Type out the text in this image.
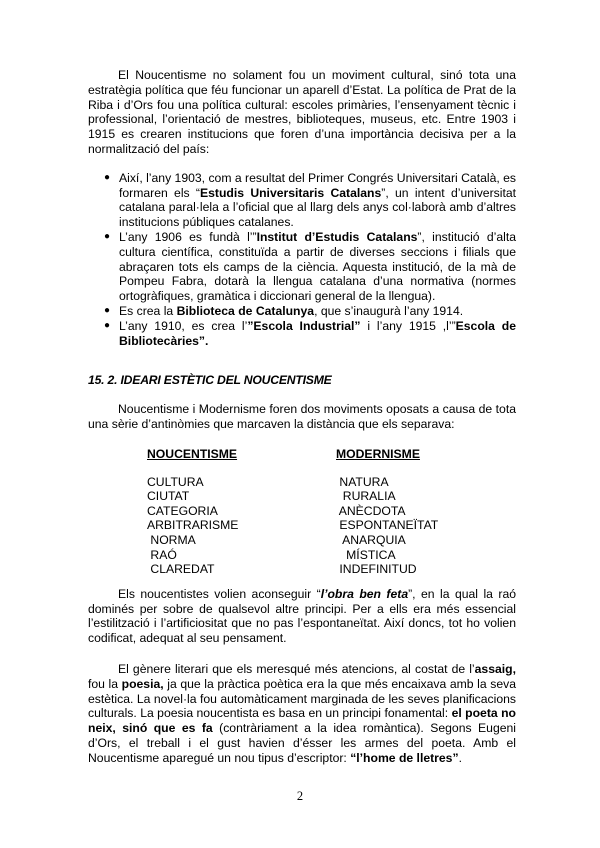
El Noucentisme no solament fou un moviment cultural, sinó tota una estratègia política que féu funcionar un aparell d’Estat. La política de Prat de la Riba i d’Ors fou una política cultural: escoles primàries, l’ensenyament tècnic i professional, l’orientació de mestres, biblioteques, museus, etc. Entre 1903 i 1915 es crearen institucions que foren d’una importància decisiva per a la normalització del país:

● Així, l’any 1903, com a resultat del Primer Congrés Universitari Català, es formaren els “Estudis Universitaris Catalans”, un intent d’universitat catalana paral·lela a l’oficial que al llarg dels anys col·laborà amb d’altres institucions públiques catalanes.
● L’any 1906 es fundà l’”Institut d’Estudis Catalans”, institució d’alta cultura científica, constituïda a partir de diverses seccions i filials que abraçaren tots els camps de la ciència. Aquesta institució, de la mà de Pompeu Fabra, dotarà la llengua catalana d’una normativa (normes ortogràfiques, gramàtica i diccionari general de la llengua).
● Es crea la Biblioteca de Catalunya, que s’inaugurà l’any 1914.
● L’any 1910, es crea l’”Escola Industrial” i l’any 1915 ,l’”Escola de Bibliotecàries”.
15. 2. IDEARI ESTÈTIC DEL NOUCENTISME

Noucentisme i Modernisme foren dos moviments oposats a causa de tota una sèrie d’antinòmies que marcaven la distància que els separava:

NOUCENTISME
CULTURA
CIUTAT
CATEGORIA
ARBITRARISME
NORMA
RAÓ
CLAREDAT
MODERNISME
NATURA
RURALIA
ANÈCDOTA
ESPONTANEÏTAT
ANARQUIA
MÍSTICA
INDEFINITUD

Els noucentistes volien aconseguir “l’obra ben feta”, en la qual la raó dominés per sobre de qualsevol altre principi. Per a ells era més essencial l’estilització i l’artificiositat que no pas l’espontaneïtat. Així doncs, tot ho volien codificat, adequat al seu pensament.

El gènere literari que els meresqué més atencions, al costat de l’assaig, fou la poesia, ja que la pràctica poètica era la que més encaixava amb la seva estètica. La novel·la fou automàticament marginada de les seves planificacions culturals. La poesia noucentista es basa en un principi fonamental: el poeta no neix, sinó que es fa (contràriament a la idea romàntica). Segons Eugeni d’Ors, el treball i el gust havien d’ésser les armes del poeta. Amb el Noucentisme aparegué un nou tipus d’escriptor: “l’home de lletres”.

2
